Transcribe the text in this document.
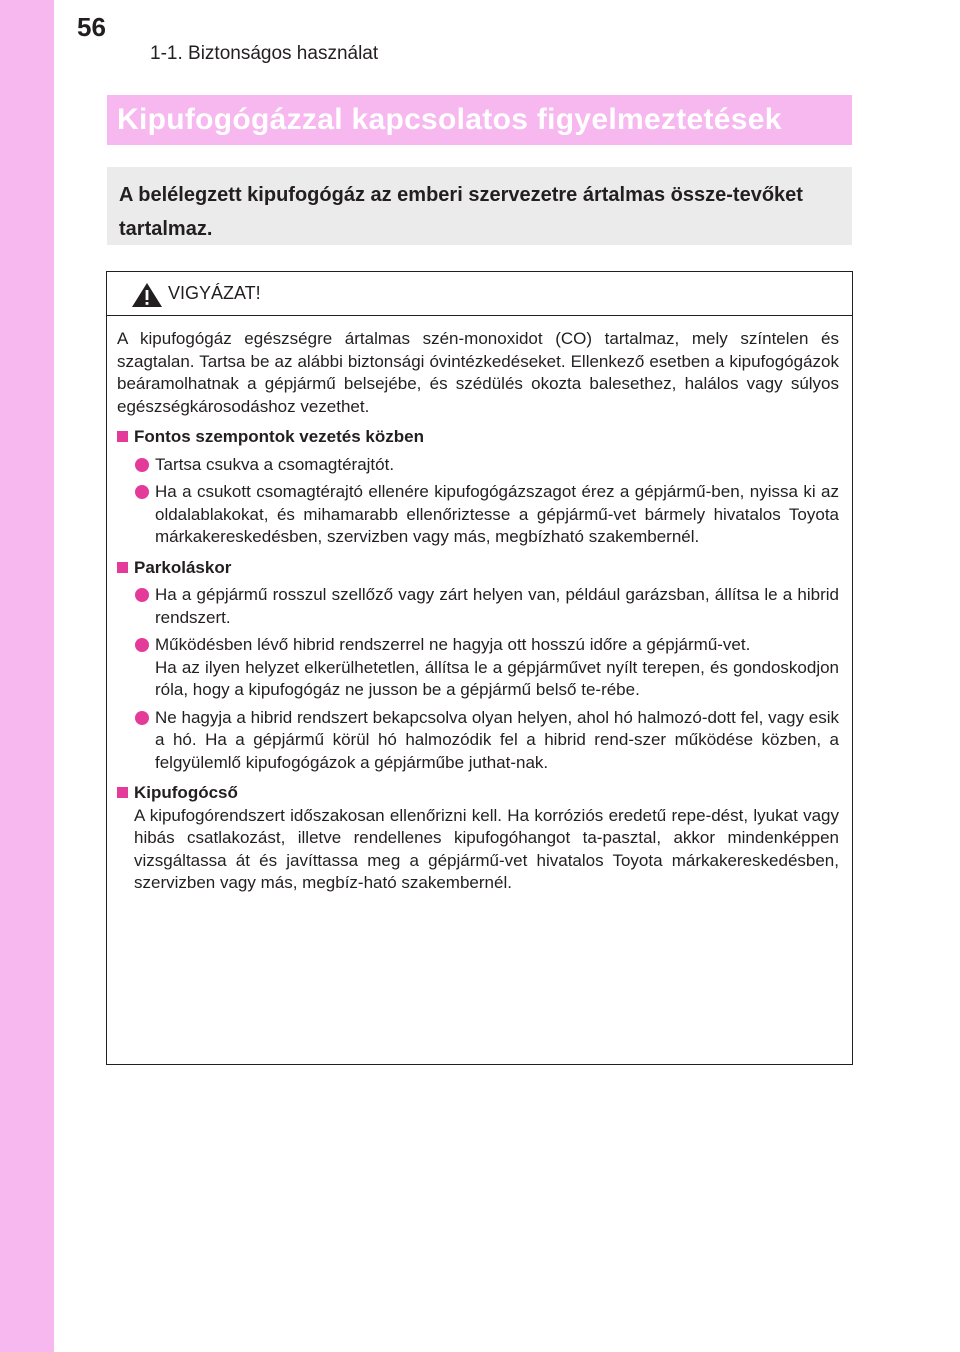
56
1-1. Biztonságos használat
Kipufogógázzal kapcsolatos figyelmeztetések

A belélegzett kipufogógáz az emberi szervezetre ártalmas össze-tevőket tartalmaz.

VIGYÁZAT!

A kipufogógáz egészségre ártalmas szén-monoxidot (CO) tartalmaz, mely színtelen és szagtalan. Tartsa be az alábbi biztonsági óvintézkedéseket. Ellenkező esetben a kipufogógázok beáramolhatnak a gépjármű belsejébe, és szédülés okozta balesethez, halálos vagy súlyos egészségkárosodáshoz vezethet.

Fontos szempontok vezetés közben
Tartsa csukva a csomagtérajtót.
Ha a csukott csomagtérajtó ellenére kipufogógázszagot érez a gépjármű-ben, nyissa ki az oldalablakokat, és mihamarabb ellenőriztesse a gépjármű-vet bármely hivatalos Toyota márkakereskedésben, szervizben vagy más, megbízható szakembernél.
Parkoláskor
Ha a gépjármű rosszul szellőző vagy zárt helyen van, például garázsban, állítsa le a hibrid rendszert.
Működésben lévő hibrid rendszerrel ne hagyja ott hosszú időre a gépjármű-vet.
Ha az ilyen helyzet elkerülhetetlen, állítsa le a gépjárművet nyílt terepen, és gondoskodjon róla, hogy a kipufogógáz ne jusson be a gépjármű belső te-rébe.
Ne hagyja a hibrid rendszert bekapcsolva olyan helyen, ahol hó halmozó-dott fel, vagy esik a hó. Ha a gépjármű körül hó halmozódik fel a hibrid rend-szer működése közben, a felgyülemlő kipufogógázok a gépjárműbe juthat-nak.
Kipufogócső
A kipufogórendszert időszakosan ellenőrizni kell. Ha korróziós eredetű repe-dést, lyukat vagy hibás csatlakozást, illetve rendellenes kipufogóhangot ta-pasztal, akkor mindenképpen vizsgáltassa át és javíttassa meg a gépjármű-vet hivatalos Toyota márkakereskedésben, szervizben vagy más, megbíz-ható szakembernél.
